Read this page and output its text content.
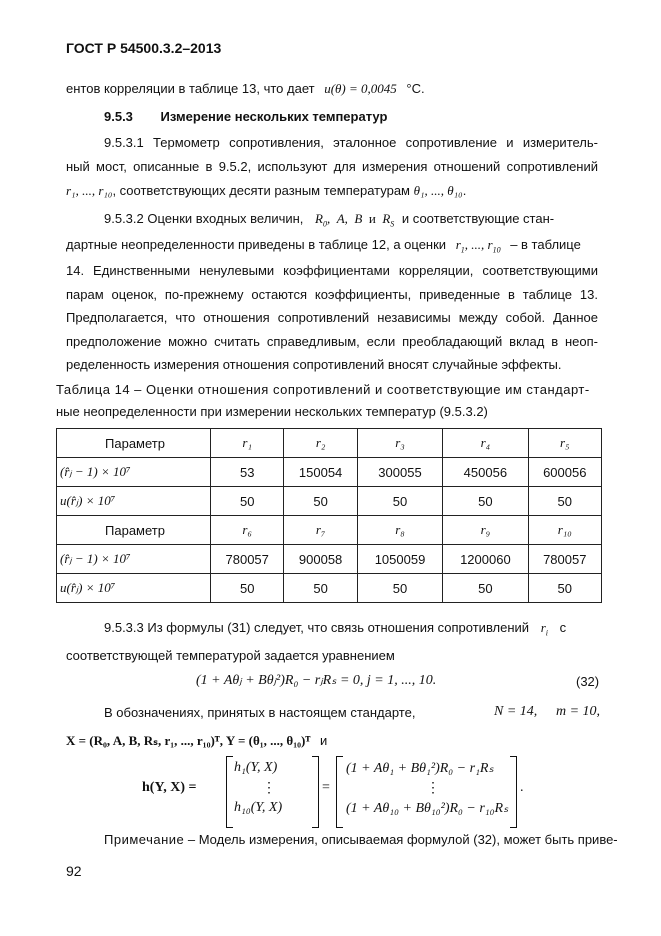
ГОСТ Р 54500.3.2–2013
ентов корреляции в таблице 13, что дает u(θ) = 0,0045 °C.
9.5.3 Измерение нескольких температур
9.5.3.1 Термометр сопротивления, эталонное сопротивление и измеритель-
ный мост, описанные в 9.5.2, используют для измерения отношений сопротивлений
r₁, ..., r₁₀, соответствующих десяти разным температурам θ₁, ..., θ₁₀.
9.5.3.2 Оценки входных величин, $R_0$,  A,  B  и  $R_S$ и соответствующие стан-
дартные неопределенности приведены в таблице 12, а оценки $r_1$, ..., $r_{10}$ – в таблице
14. Единственными ненулевыми коэффициентами корреляции, соответствующими
парам оценок, по-прежнему остаются коэффициенты, приведенные в таблице 13.
Предполагается, что отношения сопротивлений независимы между собой. Данное
предположение можно считать справедливым, если преобладающий вклад в неоп-
ределенность измерения отношения сопротивлений вносят случайные эффекты.
Таблица 14 – Оценки отношения сопротивлений и соответствующие им стандарт-
ные неопределенности при измерении нескольких температур (9.5.3.2)
Параметр	r₁	r₂	r₃	r₄	r₅
(r̂ⱼ − 1) × 10⁷	53	150054	300055	450056	600056
u(r̂ⱼ) × 10⁷	50	50	50	50	50
Параметр	r₆	r₇	r₈	r₉	r₁₀
(r̂ⱼ − 1) × 10⁷	780057	900058	1050059	1200060	780057
u(r̂ⱼ) × 10⁷	50	50	50	50	50
9.5.3.3 Из формулы (31) следует, что связь отношения сопротивлений $r_i$ с
соответствующей температурой задается уравнением
(1 + Aθⱼ + Bθⱼ²)R₀ − rⱼRₛ = 0, j = 1, ..., 10.	(32)
В обозначениях, принятых в настоящем стандарте,	N = 14, m = 10,
X = (R₀, A, B, Rₛ, r₁, ..., r₁₀)ᵀ, Y = (θ₁, ..., θ₁₀)ᵀ и
h(Y, X) =
h₁(Y, X)
⋮
h₁₀(Y, X)
=
(1 + Aθ₁ + Bθ₁²)R₀ − r₁Rₛ
⋮
(1 + Aθ₁₀ + Bθ₁₀²)R₀ − r₁₀Rₛ
.
Примечание – Модель измерения, описываемая формулой (32), может быть приве-
92
